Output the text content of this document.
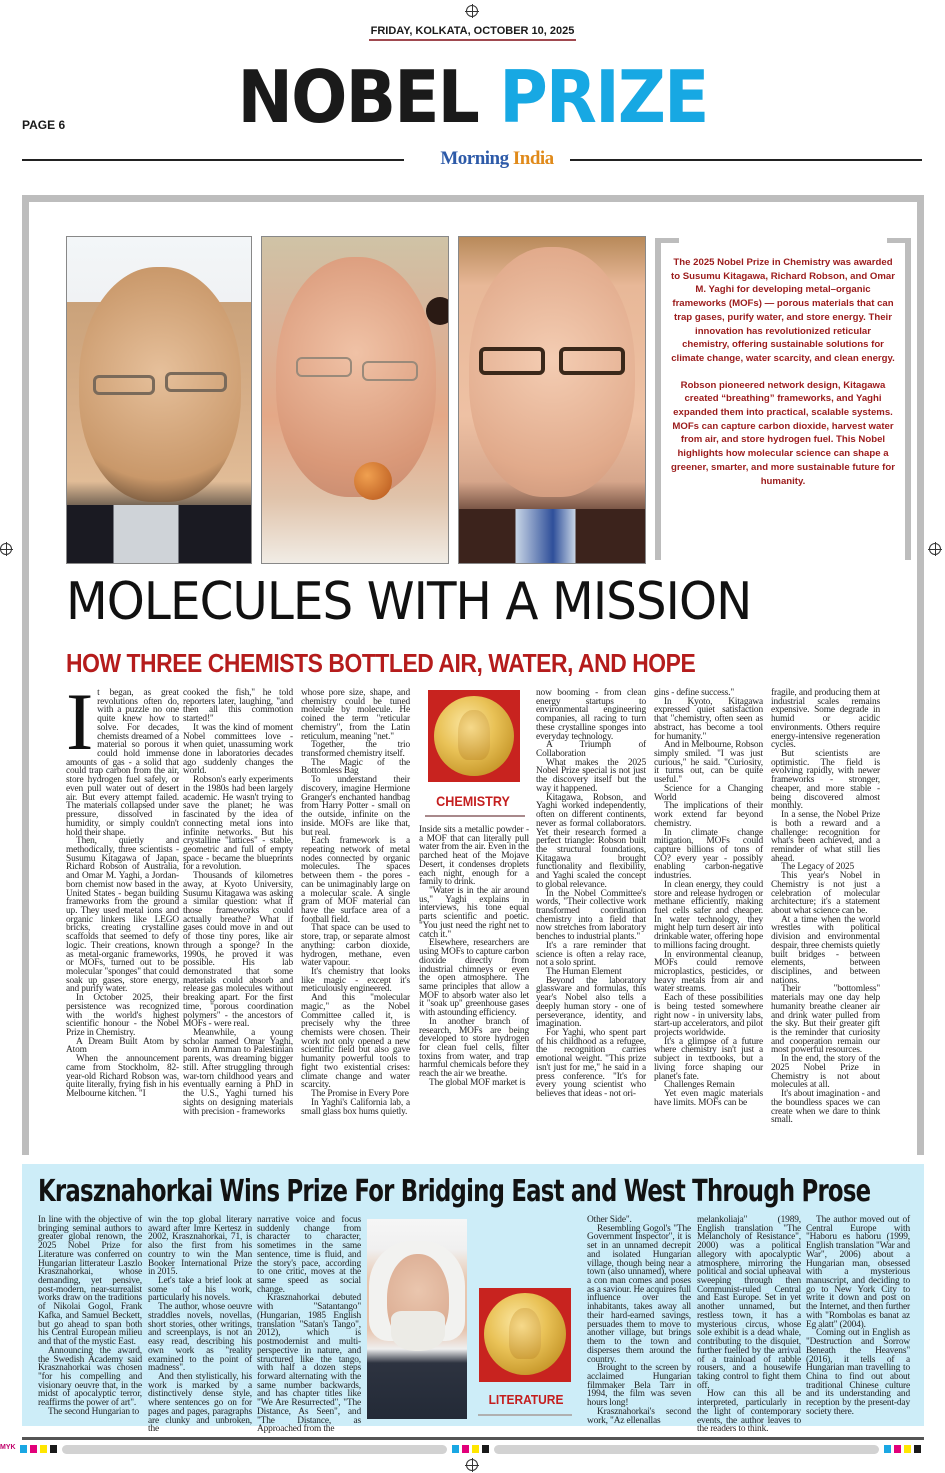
FRIDAY, KOLKATA, OCTOBER 10, 2025
PAGE 6	NOBEL PRIZE
Morning India

The 2025 Nobel Prize in Chemistry was awarded to Susumu Kitagawa, Richard Robson, and Omar M. Yaghi for developing metal–organic frameworks (MOFs) — porous materials that can trap gases, purify water, and store energy. Their innovation has revolutionized reticular chemistry, offering sustainable solutions for climate change, water scarcity, and clean energy.

Robson pioneered network design, Kitagawa created “breathing” frameworks, and Yaghi expanded them into practical, scalable systems. MOFs can capture carbon dioxide, harvest water from air, and store hydrogen fuel. This Nobel highlights how molecular science can shape a greener, smarter, and more sustainable future for humanity.

MOLECULES WITH A MISSION
HOW THREE CHEMISTS BOTTLED AIR, WATER, AND HOPE
I t began, as great revolutions often do, with a puzzle no one quite knew how to solve. For decades, chemists dreamed of a material so porous it could hold immense amounts of gas - a solid that could trap carbon from the air, store hydrogen fuel safely, or even pull water out of desert air. But every attempt failed. The materials collapsed under pressure, dissolved in humidity, or simply couldn't hold their shape.

Then, quietly and methodically, three scientists - Susumu Kitagawa of Japan, Richard Robson of Australia, and Omar M. Yaghi, a Jordan-born chemist now based in the United States - began building frameworks from the ground up. They used metal ions and organic linkers like LEGO bricks, creating crystalline scaffolds that seemed to defy logic. Their creations, known as metal-organic frameworks, or MOFs, turned out to be molecular "sponges" that could soak up gases, store energy, and purify water.

In October 2025, their persistence was recognized with the world's highest scientific honour - the Nobel Prize in Chemistry.

A Dream Built Atom by Atom

When the announcement came from Stockholm, 82-year-old Richard Robson was, quite literally, frying fish in his Melbourne kitchen. "I

cooked the fish," he told reporters later, laughing, "and then all this commotion started!"

It was the kind of moment Nobel committees love - when quiet, unassuming work done in laboratories decades ago suddenly changes the world.

Robson's early experiments in the 1980s had been largely academic. He wasn't trying to save the planet; he was fascinated by the idea of connecting metal ions into infinite networks. But his crystalline "lattices" - stable, geometric and full of empty space - became the blueprints for a revolution.

Thousands of kilometres away, at Kyoto University, Susumu Kitagawa was asking a similar question: what if those frameworks could actually breathe? What if gases could move in and out of those tiny pores, like air through a sponge? In the 1990s, he proved it was possible. His lab demonstrated that some materials could absorb and release gas molecules without breaking apart. For the first time, "porous coordination polymers" - the ancestors of MOFs - were real.

Meanwhile, a young scholar named Omar Yaghi, born in Amman to Palestinian parents, was dreaming bigger still. After struggling through war-torn childhood years and eventually earning a PhD in the U.S., Yaghi turned his sights on designing materials with precision - frameworks

whose pore size, shape, and chemistry could be tuned molecule by molecule. He coined the term "reticular chemistry", from the Latin reticulum, meaning "net."

Together, the trio transformed chemistry itself.

The Magic of the Bottomless Bag

To understand their discovery, imagine Hermione Granger's enchanted handbag from Harry Potter - small on the outside, infinite on the inside. MOFs are like that, but real.

Each framework is a repeating network of metal nodes connected by organic molecules. The spaces between them - the pores - can be unimaginably large on a molecular scale. A single gram of MOF material can have the surface area of a football field.

That space can be used to store, trap, or separate almost anything: carbon dioxide, hydrogen, methane, even water vapour.

It's chemistry that looks like magic - except it's meticulously engineered.

And this "molecular magic," as the Nobel Committee called it, is precisely why the three chemists were chosen. Their work not only opened a new scientific field but also gave humanity powerful tools to fight two existential crises: climate change and water scarcity.

The Promise in Every Pore

In Yaghi's California lab, a small glass box hums quietly.

CHEMISTRY

Inside sits a metallic powder - a MOF that can literally pull water from the air. Even in the parched heat of the Mojave Desert, it condenses droplets each night, enough for a family to drink.

"Water is in the air around us," Yaghi explains in interviews, his tone equal parts scientific and poetic. "You just need the right net to catch it."

Elsewhere, researchers are using MOFs to capture carbon dioxide directly from industrial chimneys or even the open atmosphere. The same principles that allow a MOF to absorb water also let it "soak up" greenhouse gases with astounding efficiency.

In another branch of research, MOFs are being developed to store hydrogen for clean fuel cells, filter toxins from water, and trap harmful chemicals before they reach the air we breathe.

The global MOF market is

now booming - from clean energy startups to environmental engineering companies, all racing to turn these crystalline sponges into everyday technology.

A Triumph of Collaboration

What makes the 2025 Nobel Prize special is not just the discovery itself but the way it happened.

Kitagawa, Robson, and Yaghi worked independently, often on different continents, never as formal collaborators. Yet their research formed a perfect triangle: Robson built the structural foundations, Kitagawa brought functionality and flexibility, and Yaghi scaled the concept to global relevance.

In the Nobel Committee's words, "Their collective work transformed coordination chemistry into a field that now stretches from laboratory benches to industrial plants."

It's a rare reminder that science is often a relay race, not a solo sprint.

The Human Element

Beyond the laboratory glassware and formulas, this year's Nobel also tells a deeply human story - one of perseverance, identity, and imagination.

For Yaghi, who spent part of his childhood as a refugee, the recognition carries emotional weight. "This prize isn't just for me," he said in a press conference. "It's for every young scientist who believes that ideas - not ori-

gins - define success."

In Kyoto, Kitagawa expressed quiet satisfaction that "chemistry, often seen as abstract, has become a tool for humanity."

And in Melbourne, Robson simply smiled. "I was just curious," he said. "Curiosity, it turns out, can be quite useful."

Science for a Changing World

The implications of their work extend far beyond chemistry.

In climate change mitigation, MOFs could capture billions of tons of CO? every year - possibly enabling carbon-negative industries.

In clean energy, they could store and release hydrogen or methane efficiently, making fuel cells safer and cheaper. In water technology, they might help turn desert air into drinkable water, offering hope to millions facing drought.

In environmental cleanup, MOFs could remove microplastics, pesticides, or heavy metals from air and water streams.

Each of these possibilities is being tested somewhere right now - in university labs, start-up accelerators, and pilot projects worldwide.

It's a glimpse of a future where chemistry isn't just a subject in textbooks, but a living force shaping our planet's fate.

Challenges Remain

Yet even magic materials have limits. MOFs can be

fragile, and producing them at industrial scales remains expensive. Some degrade in humid or acidic environments. Others require energy-intensive regeneration cycles.

But scientists are optimistic. The field is evolving rapidly, with newer frameworks - stronger, cheaper, and more stable - being discovered almost monthly.

In a sense, the Nobel Prize is both a reward and a challenge: recognition for what's been achieved, and a reminder of what still lies ahead.

The Legacy of 2025

This year's Nobel in Chemistry is not just a celebration of molecular architecture; it's a statement about what science can be.

At a time when the world wrestles with political division and environmental despair, three chemists quietly built bridges - between elements, between disciplines, and between nations.

Their "bottomless" materials may one day help humanity breathe cleaner air and drink water pulled from the sky. But their greater gift is the reminder that curiosity and cooperation remain our most powerful resources.

In the end, the story of the 2025 Nobel Prize in Chemistry is not about molecules at all.

It's about imagination - and the boundless spaces we can create when we dare to think small.

Krasznahorkai Wins Prize For Bridging East and West Through Prose

In line with the objective of bringing seminal authors to greater global renown, the 2025 Nobel Prize for Literature was conferred on Hungarian litterateur Laszlo Krasznahorkai, whose demanding, yet pensive, post-modern, near-surrealist works draw on the traditions of Nikolai Gogol, Frank Kafka, and Samuel Beckett, but go ahead to span both his Central European milieu and that of the mystic East.

Announcing the award, the Swedish Academy said Krasznahorkai was chosen "for his compelling and visionary oeuvre that, in the midst of apocalyptic terror, reaffirms the power of art".

The second Hungarian to

win the top global literary award after Imre Kertesz in 2002, Krasznahorkai, 71, is also the first from his country to win the Man Booker International Prize in 2015.

Let's take a brief look at some of his work, particularly his novels.

The author, whose oeuvre straddles novels, novellas, short stories, other writings, and screenplays, is not an easy read, describing his own work as "reality examined to the point of madness".

And then stylistically, his work is marked by a distinctively dense style, where sentences go on for pages and pages, paragraphs are clunky and unbroken, the

narrative voice and focus suddenly change from character to character, sometimes in the same sentence, time is fluid, and the story's pace, according to one critic, moves at the same speed as social change.

Krasznahorkai debuted with "Satantango" (Hungarian, 1985 English translation "Satan's Tango", 2012), which is postmodernist and multi-perspective in nature, and structured like the tango, with half a dozen steps forward alternating with the same number backwards, and has chapter titles like "We Are Resurrected", "The Distance, As Seen", and "The Distance, as Approached from the

LITERATURE

Other Side".

Resembling Gogol's "The Government Inspector", it is set in an unnamed decrepit and isolated Hungarian village, though being near a town (also unnamed), where a con man comes and poses as a saviour. He acquires full influence over the inhabitants, takes away all their hard-earned savings, persuades them to move to another village, but brings them to the town and disperses them around the country.

Brought to the screen by acclaimed Hungarian filmmaker Bela Tarr in 1994, the film was seven hours long!

Krasznahorkai's second work, "Az ellenallas

melankoliaja" (1989, English translation "The Melancholy of Resistance", 2000) was a political allegory with apocalyptic atmosphere, mirroring the political and social upheaval sweeping through then Communist-ruled Central and East Europe. Set in yet another unnamed, but restless town, it has a mysterious circus, whose sole exhibit is a dead whale, contributing to the disquiet, further fuelled by the arrival of a trainload of rabble rousers, and a housewife taking control to fight them off.

How can this all be interpreted, particularly in the light of contemporary events, the author leaves to the readers to think.

The author moved out of Central Europe with "Haboru es haboru (1999, English translation "War and War", 2006) about a Hungarian man, obsessed with a mysterious manuscript, and deciding to go to New York City to write it down and post on the Internet, and then further with "Rombolas es banat az Eg alatt" (2004).

Coming out in English as "Destruction and Sorrow Beneath the Heavens" (2016), it tells of a Hungarian man travelling to China to find out about traditional Chinese culture and its understanding and reception by the present-day society there.

MYK
